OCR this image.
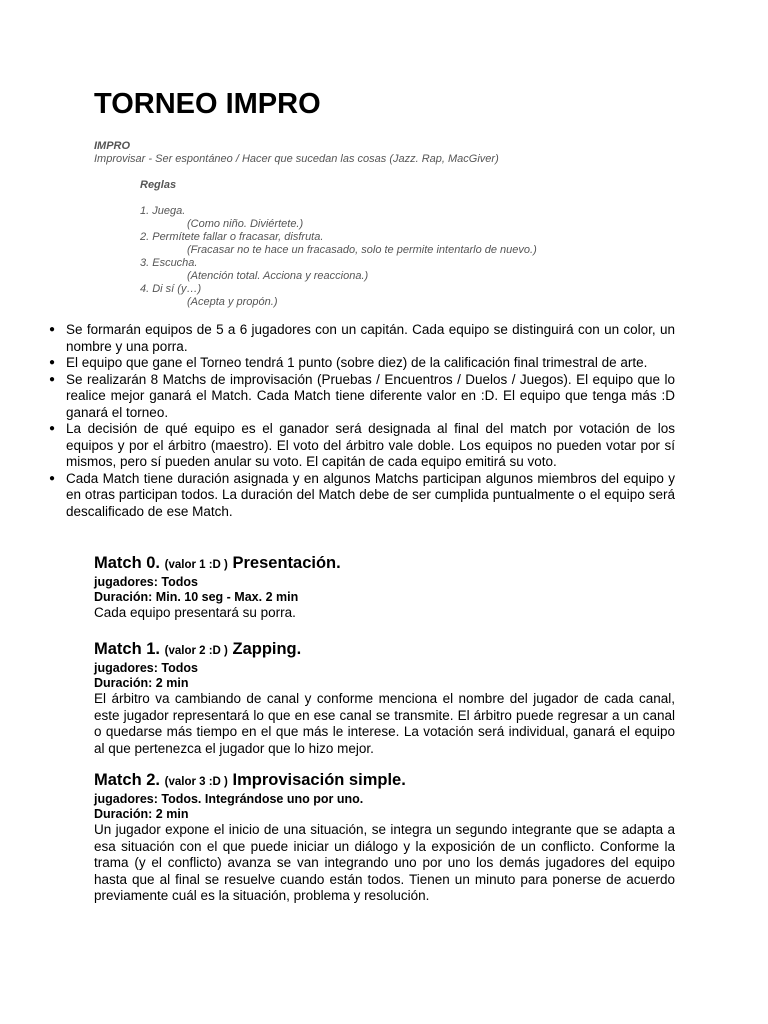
TORNEO IMPRO
IMPRO
Improvisar - Ser espontáneo / Hacer que sucedan las cosas (Jazz. Rap, MacGiver)
Reglas
1. Juega.
(Como niño. Diviértete.)
2. Permítete fallar o fracasar, disfruta.
(Fracasar no te hace un fracasado, solo te permite intentarlo de nuevo.)
3. Escucha.
(Atención total. Acciona y reacciona.)
4. Di sí (y…)
(Acepta y propón.)
● Se formarán equipos de 5 a 6 jugadores con un capitán. Cada equipo se distinguirá con un color, un nombre y una porra.
● El equipo que gane el Torneo tendrá 1 punto (sobre diez) de la calificación final trimestral de arte.
● Se realizarán 8 Matchs de improvisación (Pruebas / Encuentros / Duelos / Juegos). El equipo que lo realice mejor ganará el Match. Cada Match tiene diferente valor en :D. El equipo que tenga más :D ganará el torneo.
● La decisión de qué equipo es el ganador será designada al final del match por votación de los equipos y por el árbitro (maestro). El voto del árbitro vale doble. Los equipos no pueden votar por sí mismos, pero sí pueden anular su voto. El capitán de cada equipo emitirá su voto.
● Cada Match tiene duración asignada y en algunos Matchs participan algunos miembros del equipo y en otras participan todos. La duración del Match debe de ser cumplida puntualmente o el equipo será descalificado de ese Match.
Match 0. (valor 1 :D ) Presentación.
jugadores: Todos
Duración: Min. 10 seg - Max. 2 min
Cada equipo presentará su porra.
Match 1. (valor 2 :D ) Zapping.
jugadores: Todos
Duración: 2 min
El árbitro va cambiando de canal y conforme menciona el nombre del jugador de cada canal, este jugador representará lo que en ese canal se transmite. El árbitro puede regresar a un canal o quedarse más tiempo en el que más le interese. La votación será individual, ganará el equipo al que pertenezca el jugador que lo hizo mejor.
Match 2. (valor 3 :D ) Improvisación simple.
jugadores: Todos. Integrándose uno por uno.
Duración: 2 min
Un jugador expone el inicio de una situación, se integra un segundo integrante que se adapta a esa situación con el que puede iniciar un diálogo y la exposición de un conflicto. Conforme la trama (y el conflicto) avanza se van integrando uno por uno los demás jugadores del equipo hasta que al final se resuelve cuando están todos. Tienen un minuto para ponerse de acuerdo previamente cuál es la situación, problema y resolución.
